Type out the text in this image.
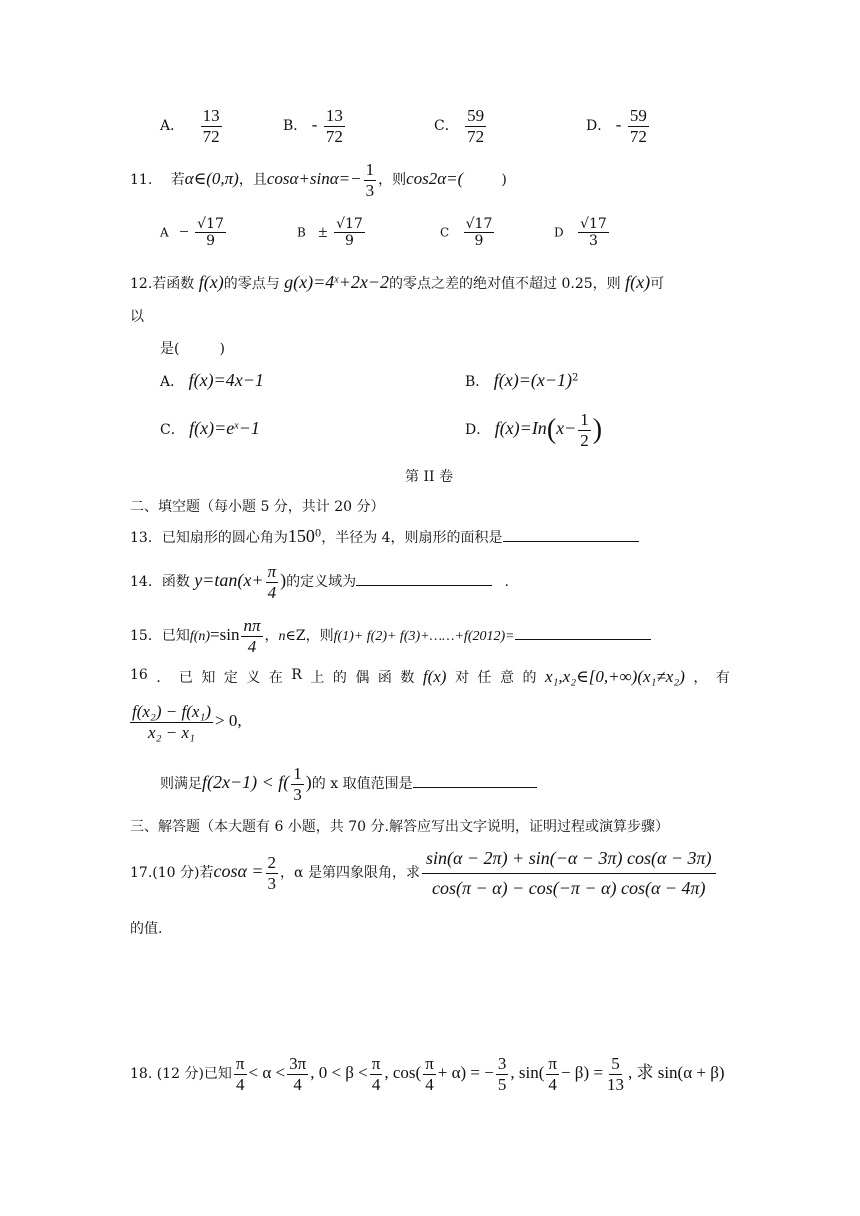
A． $\frac{13}{72}$	B． - $\frac{13}{72}$	C． $\frac{59}{72}$	D． - $\frac{59}{72}$
11. 若α∈(0,π)，且$\cos\alpha+\sin\alpha=- \frac{1}{3}$ ，则cos2α=(	)
$A - \frac{√17}{9}$	$B \pm \frac{√17}{9}$	C $\frac{√17}{9}$	D $\frac{√17}{3}$
12.若函数 f(x)的零点与 $g(x)=4^x+2x-2$的零点之差的绝对值不超过 0.25，则 f(x)可
以
是(	)
A． f(x)=4x−1	B． $f(x)=(x-1)^2$
C． $f(x)=e^x-1$	D． $f(x)=In(x- \frac{1}{2}$ )
第 II 卷
二、填空题（每小题 5 分，共计 20 分）
13．已知扇形的圆心角为$150^0$，半径为 4，则扇形的面积是
14．函数 $y=\tan(x+ \frac{\pi}{4}$ )的定义域为	.
15．已知$f(n)=\sin \frac{n\pi}{4}$ ，n∈Z，则f(1)+ f(2)+ f(3)+……+f(2012)=
16 ． 已 知 定 义 在 R 上 的 偶 函 数 f(x) 对 任 意 的 x₁,x₂∈[0,+∞)(x₁≠x₂) ， 有
$\frac{\text{f(x₂) − f(x₁)}}{\text{x₂ − x₁}} > 0$,
则满足$f(2x-1) < f( \frac{1}{3}$ )的 x 取值范围是
三、解答题（本大题有 6 小题，共 70 分.解答应写出文字说明，证明过程或演算步骤）
17.(10 分)若$\cos\alpha = \frac{2}{3}$ ，α 是第四象限角，求 $\frac{\sin(\alpha - 2\pi) + \sin(-\alpha - 3\pi) \cos(\alpha - 3\pi)}{\cos(\pi - \alpha) - \cos(-\pi - \alpha) \cos(\alpha - 4\pi)}$
的值.
18. (12 分)已知 $\frac{\pi}{4} < \alpha < \frac{3\pi}{4}$ , $0 < \beta < \frac{\pi}{4}$ , $\cos( \frac{\pi}{4} + \alpha)$ = − $\frac{3}{5}$ , $\sin( \frac{\pi}{4} - \beta) = \frac{5}{13}$ , 求 sin(α + β)
